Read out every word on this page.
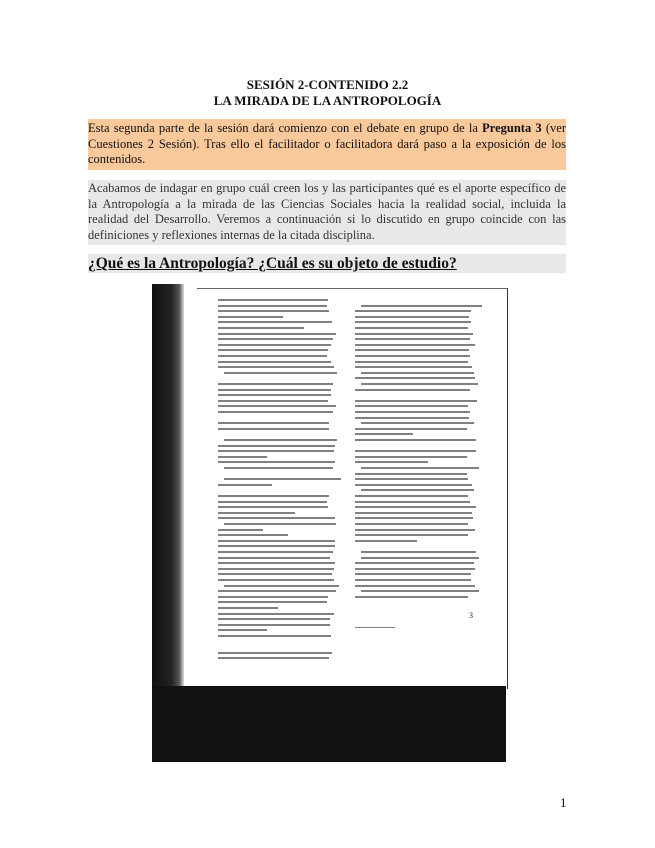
SESIÓN 2-CONTENIDO 2.2
LA MIRADA DE LA ANTROPOLOGÍA
Esta segunda parte de la sesión dará comienzo con el debate en grupo de la Pregunta 3 (ver Cuestiones 2 Sesión). Tras ello el facilitador o facilitadora dará paso a la exposición de los contenidos.
Acabamos de indagar en grupo cuál creen los y las participantes qué es el aporte específico de la Antropología a la mirada de las Ciencias Sociales hacia la realidad social, incluida la realidad del Desarrollo. Veremos a continuación si lo discutido en grupo coincide con las definiciones y reflexiones internas de la citada disciplina.
¿Qué es la Antropología? ¿Cuál es su objeto de estudio?
3
1
